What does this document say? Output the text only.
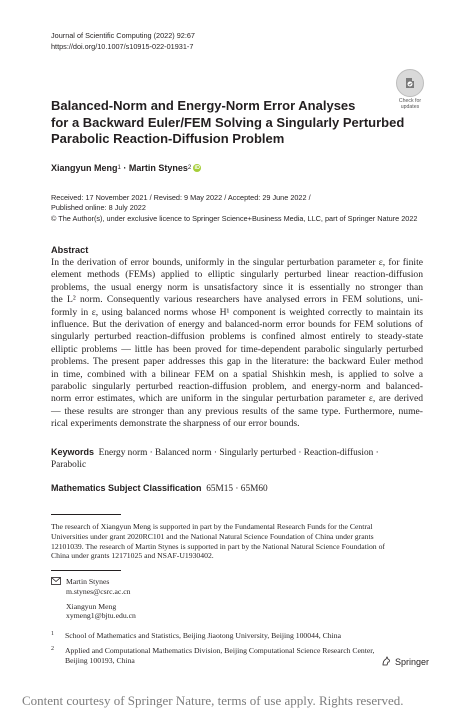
Journal of Scientific Computing (2022) 92:67
https://doi.org/10.1007/s10915-022-01931-7
Check for
updates
Balanced-Norm and Energy-Norm Error Analyses
for a Backward Euler/FEM Solving a Singularly Perturbed
Parabolic Reaction-Diffusion Problem
Xiangyun Meng 1 · Martin Stynes 2 iD
Received: 17 November 2021 / Revised: 9 May 2022 / Accepted: 29 June 2022 /
Published online: 8 July 2022
© The Author(s), under exclusive licence to Springer Science+Business Media, LLC, part of Springer Nature 2022
Abstract
In the derivation of error bounds, uniformly in the singular perturbation parameter ε, for finite
element methods (FEMs) applied to elliptic singularly perturbed linear reaction-diffusion
problems, the usual energy norm is unsatisfactory since it is essentially no stronger than
the L² norm. Consequently various researchers have analysed errors in FEM solutions, uni-
formly in ε, using balanced norms whose H¹ component is weighted correctly to maintain its
influence. But the derivation of energy and balanced-norm error bounds for FEM solutions of
singularly perturbed reaction-diffusion problems is confined almost entirely to steady-state
elliptic problems — little has been proved for time-dependent parabolic singularly perturbed
problems. The present paper addresses this gap in the literature: the backward Euler method
in time, combined with a bilinear FEM on a spatial Shishkin mesh, is applied to solve a
parabolic singularly perturbed reaction-diffusion problem, and energy-norm and balanced-
norm error estimates, which are uniform in the singular perturbation parameter ε, are derived
— these results are stronger than any previous results of the same type. Furthermore, nume-
rical experiments demonstrate the sharpness of our error bounds.
Keywords Energy norm · Balanced norm · Singularly perturbed · Reaction-diffusion ·
Parabolic
Mathematics Subject Classification 65M15 · 65M60
The research of Xiangyun Meng is supported in part by the Fundamental Research Funds for the Central
Universities under grant 2020RC101 and the National Natural Science Foundation of China under grants
12101039. The research of Martin Stynes is supported in part by the National Natural Science Foundation of
China under grants 12171025 and NSAF-U1930402.
Martin Stynes
m.stynes@csrc.ac.cn
Xiangyun Meng
xymeng1@bjtu.edu.cn
1 School of Mathematics and Statistics, Beijing Jiaotong University, Beijing 100044, China
2 Applied and Computational Mathematics Division, Beijing Computational Science Research Center,
Beijing 100193, China	Springer
Content courtesy of Springer Nature, terms of use apply. Rights reserved.
